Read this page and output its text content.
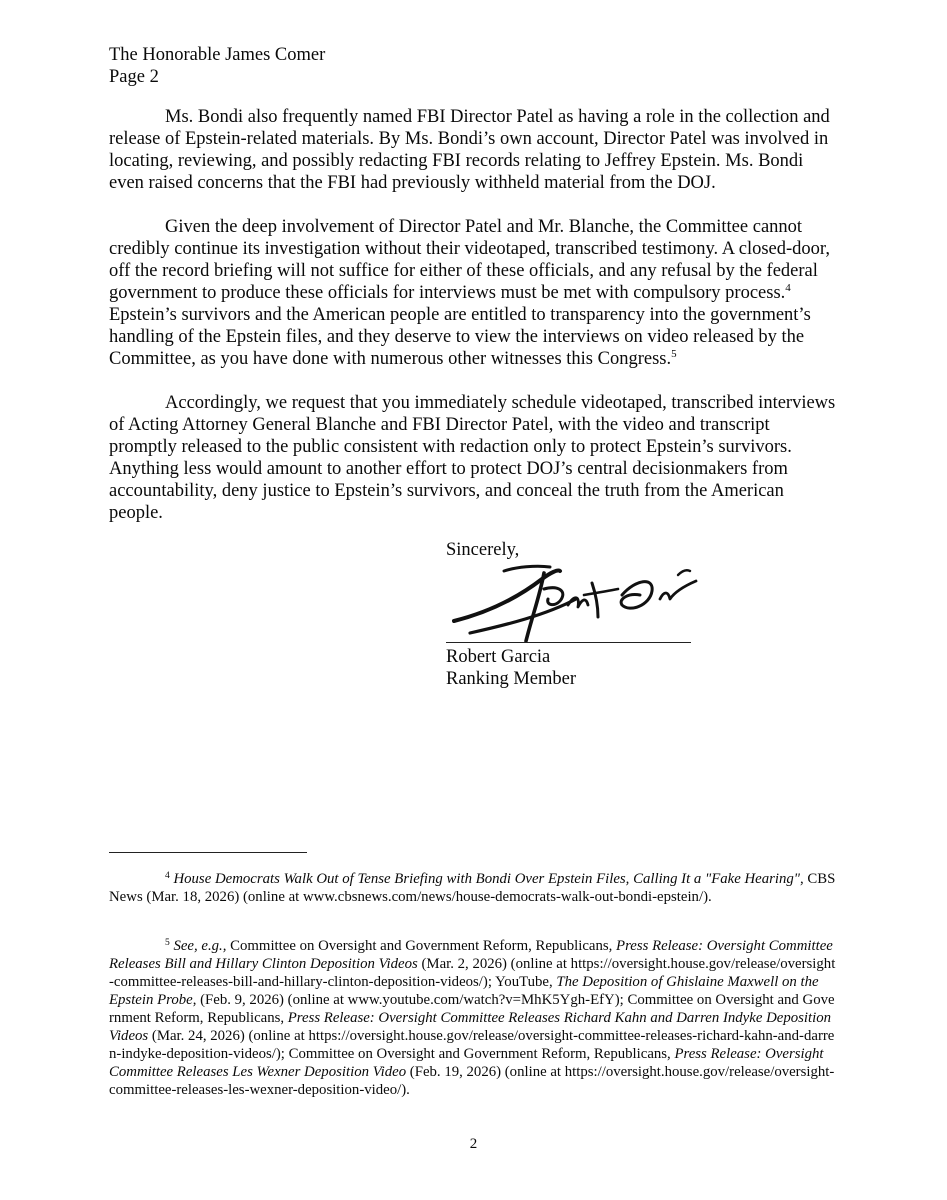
The Honorable James Comer
Page 2
Ms. Bondi also frequently named FBI Director Patel as having a role in the collection and release of Epstein-related materials. By Ms. Bondi’s own account, Director Patel was involved in locating, reviewing, and possibly redacting FBI records relating to Jeffrey Epstein. Ms. Bondi even raised concerns that the FBI had previously withheld material from the DOJ.
Given the deep involvement of Director Patel and Mr. Blanche, the Committee cannot credibly continue its investigation without their videotaped, transcribed testimony. A closed-door, off the record briefing will not suffice for either of these officials, and any refusal by the federal government to produce these officials for interviews must be met with compulsory process.$^4$ Epstein’s survivors and the American people are entitled to transparency into the government’s handling of the Epstein files, and they deserve to view the interviews on video released by the Committee, as you have done with numerous other witnesses this Congress.$^5$
Accordingly, we request that you immediately schedule videotaped, transcribed interviews of Acting Attorney General Blanche and FBI Director Patel, with the video and transcript promptly released to the public consistent with redaction only to protect Epstein’s survivors. Anything less would amount to another effort to protect DOJ’s central decisionmakers from accountability, deny justice to Epstein’s survivors, and conceal the truth from the American people.
Sincerely,
Robert Garcia
Ranking Member
$^4$ House Democrats Walk Out of Tense Briefing with Bondi Over Epstein Files, Calling It a "Fake Hearing", CBS News (Mar. 18, 2026) (online at www.cbsnews.com/news/house-democrats-walk-out-bondi-epstein/).
$^5$ See, e.g., Committee on Oversight and Government Reform, Republicans, Press Release: Oversight Committee Releases Bill and Hillary Clinton Deposition Videos (Mar. 2, 2026) (online at https://oversight.house.gov/release/oversight-committee-releases-bill-and-hillary-clinton-deposition-videos/); YouTube, The Deposition of Ghislaine Maxwell on the Epstein Probe, (Feb. 9, 2026) (online at www.youtube.com/watch?v=MhK5Ygh-EfY); Committee on Oversight and Government Reform, Republicans, Press Release: Oversight Committee Releases Richard Kahn and Darren Indyke Deposition Videos (Mar. 24, 2026) (online at https://oversight.house.gov/release/oversight-committee-releases-richard-kahn-and-darren-indyke-deposition-videos/); Committee on Oversight and Government Reform, Republicans, Press Release: Oversight Committee Releases Les Wexner Deposition Video (Feb. 19, 2026) (online at https://oversight.house.gov/release/oversight-committee-releases-les-wexner-deposition-video/).
2
